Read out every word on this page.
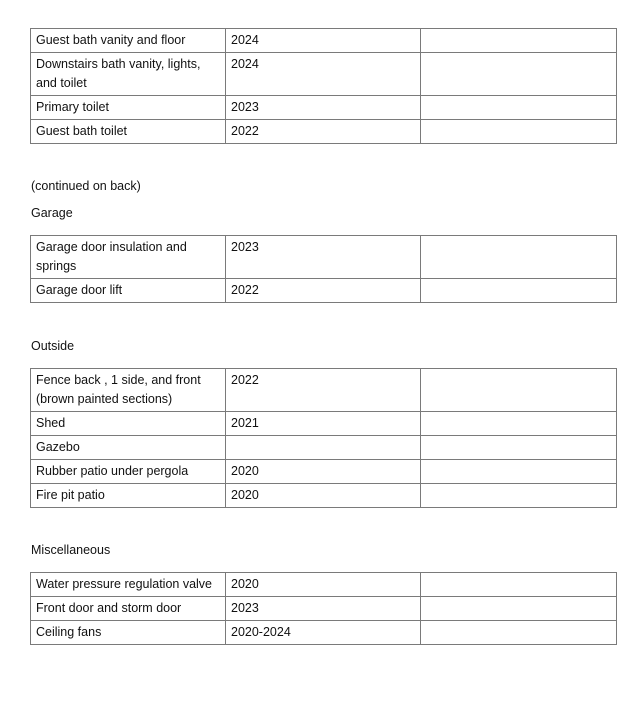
Guest bath vanity and floor	2024	
Downstairs bath vanity, lights, and toilet	2024	
Primary toilet	2023	
Guest bath toilet	2022	
(continued on back)
Garage
Garage door insulation and springs	2023	
Garage door lift	2022	
Outside
Fence back , 1 side, and front (brown painted sections)	2022	
Shed	2021	
Gazebo		
Rubber patio under pergola	2020	
Fire pit patio	2020	
Miscellaneous
Water pressure regulation valve	2020	
Front door and storm door	2023	
Ceiling fans	2020-2024	
